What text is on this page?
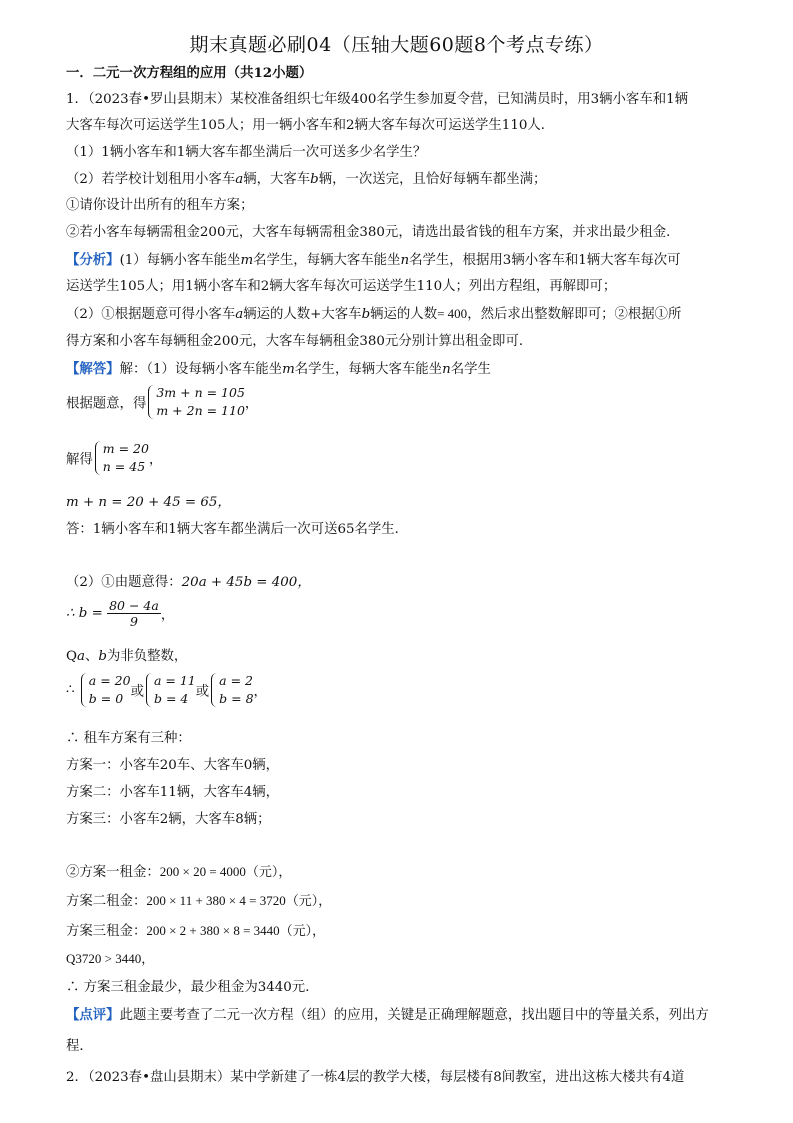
期末真题必刷04（压轴大题60题8个考点专练）
一．二元一次方程组的应用（共12小题）
1．（2023春•罗山县期末）某校准备组织七年级400名学生参加夏令营，已知满员时，用3辆小客车和1辆
大客车每次可运送学生105人；用一辆小客车和2辆大客车每次可运送学生110人．
（1）1辆小客车和1辆大客车都坐满后一次可送多少名学生？
（2）若学校计划租用小客车a辆，大客车b辆，一次送完，且恰好每辆车都坐满；
①请你设计出所有的租车方案；
②若小客车每辆需租金200元，大客车每辆需租金380元，请选出最省钱的租车方案，并求出最少租金．
【分析】(1）每辆小客车能坐m名学生，每辆大客车能坐n名学生，根据用3辆小客车和1辆大客车每次可
运送学生105人；用1辆小客车和2辆大客车每次可运送学生110人；列出方程组，再解即可；
（2）①根据题意可得小客车a辆运的人数+大客车b辆运的人数= 400，然后求出整数解即可；②根据①所
得方案和小客车每辆租金200元，大客车每辆租金380元分别计算出租金即可．
【解答】解：（1）设每辆小客车能坐m名学生，每辆大客车能坐n名学生
根据题意，得
3m + n = 105
m + 2n = 110 ，
解得
m = 20
n = 45 ，
m + n = 20 + 45 = 65，
答：1辆小客车和1辆大客车都坐满后一次可送65名学生．
（2）①由题意得：20a + 45b = 400，
∴ $b = \frac{80 - 4a}{9}$ ，
Qa、b为非负整数，
∴
a = 20
b = 0 或
a = 11
b = 4 或
a = 2
b = 8 ，
∴ 租车方案有三种：
方案一：小客车20车、大客车0辆，
方案二：小客车11辆，大客车4辆，
方案三：小客车2辆，大客车8辆；
②方案一租金：200 × 20 = 4000（元），
方案二租金：200 × 11 + 380 × 4 = 3720（元），
方案三租金：200 × 2 + 380 × 8 = 3440（元），
Q3720 > 3440，
∴ 方案三租金最少，最少租金为3440元．
【点评】此题主要考查了二元一次方程（组）的应用，关键是正确理解题意，找出题目中的等量关系，列出方
程．
2．（2023春•盘山县期末）某中学新建了一栋4层的教学大楼，每层楼有8间教室，进出这栋大楼共有4道
